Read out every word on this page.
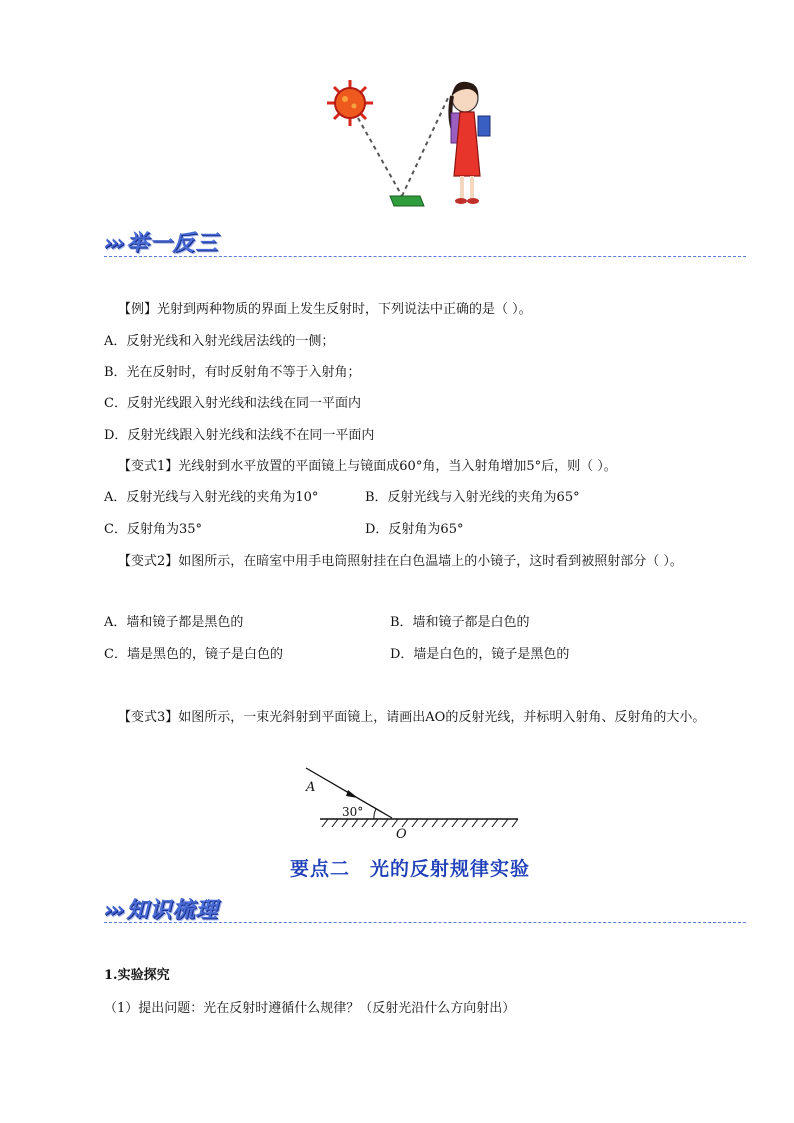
››› 举一反三
【例】光射到两种物质的界面上发生反射时，下列说法中正确的是（ ）。
A．反射光线和入射光线居法线的一侧；
B．光在反射时，有时反射角不等于入射角；
C．反射光线跟入射光线和法线在同一平面内
D．反射光线跟入射光线和法线不在同一平面内
【变式1】光线射到水平放置的平面镜上与镜面成60°角，当入射角增加5°后，则（ ）。
A．反射光线与入射光线的夹角为10°	B．反射光线与入射光线的夹角为65°
C．反射角为35°	D．反射角为65°
【变式2】如图所示，在暗室中用手电筒照射挂在白色温墙上的小镜子，这时看到被照射部分（ ）。
A．墙和镜子都是黑色的	B．墙和镜子都是白色的
C．墙是黑色的，镜子是白色的	D．墙是白色的，镜子是黑色的
【变式3】如图所示，一束光斜射到平面镜上，请画出AO的反射光线，并标明入射角、反射角的大小。
A
30°
O
要点二　光的反射规律实验
››› 知识梳理
1.实验探究
（1）提出问题：光在反射时遵循什么规律？（反射光沿什么方向射出）
